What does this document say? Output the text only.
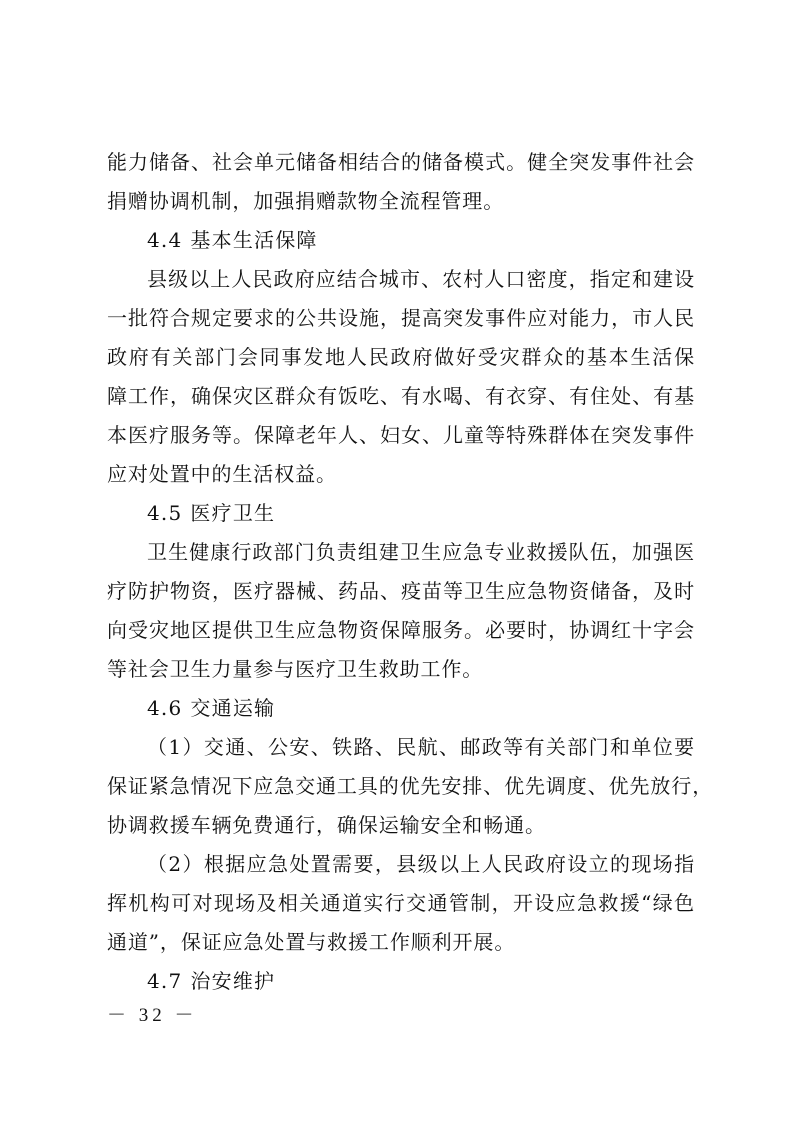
能力储备、社会单元储备相结合的储备模式。健全突发事件社会
捐赠协调机制，加强捐赠款物全流程管理。
4.4 基本生活保障
县级以上人民政府应结合城市、农村人口密度，指定和建设
一批符合规定要求的公共设施，提高突发事件应对能力，市人民
政府有关部门会同事发地人民政府做好受灾群众的基本生活保
障工作，确保灾区群众有饭吃、有水喝、有衣穿、有住处、有基
本医疗服务等。保障老年人、妇女、儿童等特殊群体在突发事件
应对处置中的生活权益。
4.5 医疗卫生
卫生健康行政部门负责组建卫生应急专业救援队伍，加强医
疗防护物资，医疗器械、药品、疫苗等卫生应急物资储备，及时
向受灾地区提供卫生应急物资保障服务。必要时，协调红十字会
等社会卫生力量参与医疗卫生救助工作。
4.6 交通运输
（1）交通、公安、铁路、民航、邮政等有关部门和单位要
保证紧急情况下应急交通工具的优先安排、优先调度、优先放行，
协调救援车辆免费通行，确保运输安全和畅通。
（2）根据应急处置需要，县级以上人民政府设立的现场指
挥机构可对现场及相关通道实行交通管制，开设应急救援“绿色
通道”，保证应急处置与救援工作顺利开展。
4.7 治安维护
－ 32 －
